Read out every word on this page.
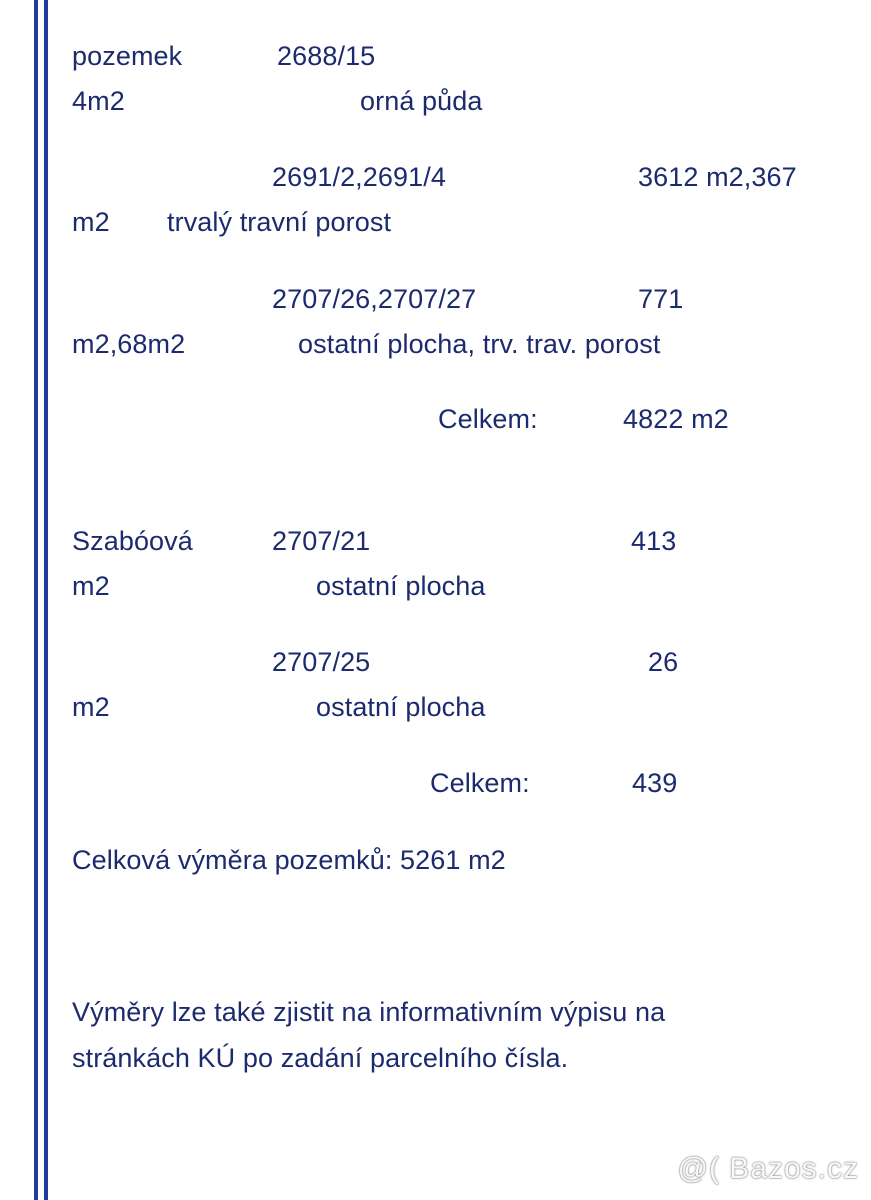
pozemek	2688/15
4m2	orná půda
2691/2,2691/4	3612 m2,367
m2 trvalý travní porost
2707/26,2707/27	771
m2,68m2	ostatní plocha, trv. trav. porost
Celkem:	4822 m2
Szabóová	2707/21	413
m2	ostatní plocha
2707/25	26
m2	ostatní plocha
Celkem:	439
Celková výměra pozemků: 5261 m2
Výměry lze také zjistit na informativním výpisu na
stránkách KÚ po zadání parcelního čísla.
@( Bazos.cz
